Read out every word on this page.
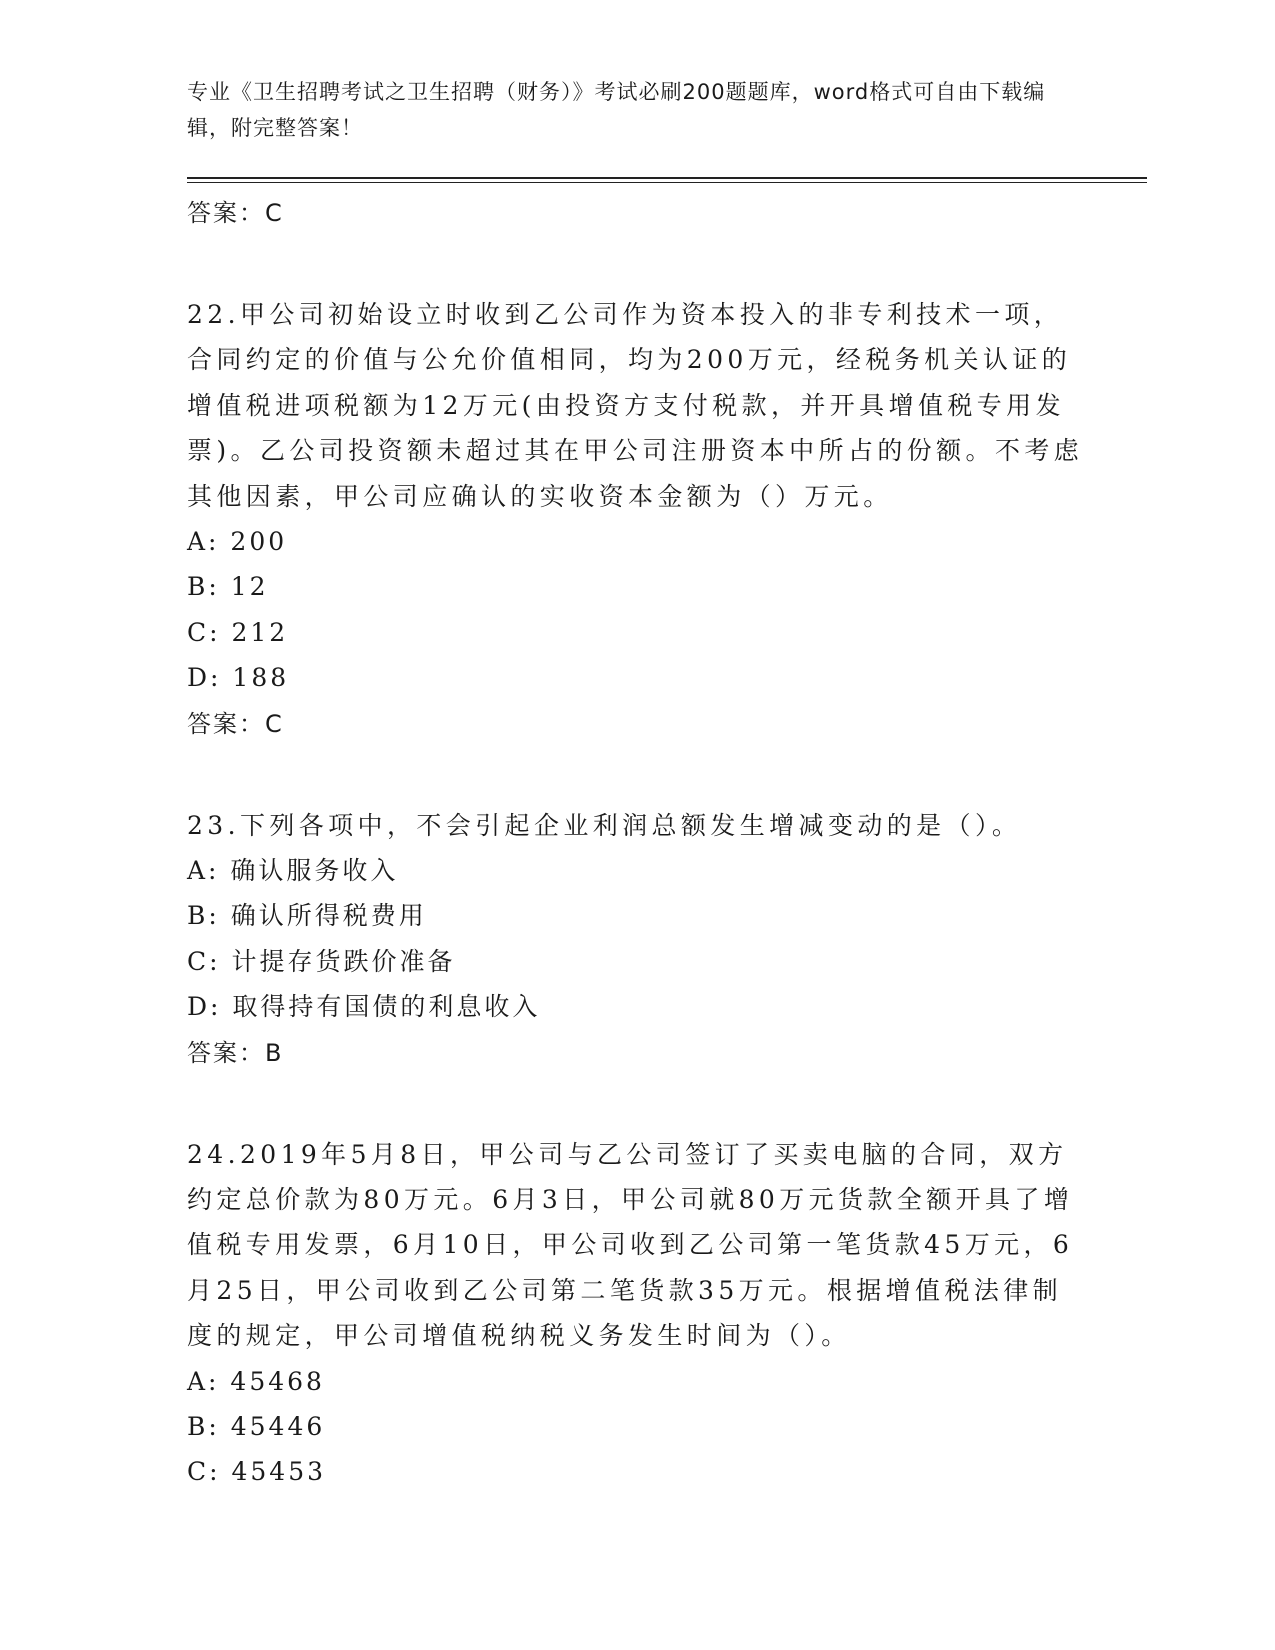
专业《卫生招聘考试之卫生招聘（财务）》考试必刷200题题库，word格式可自由下载编辑，附完整答案！
答案：C
22.甲公司初始设立时收到乙公司作为资本投入的非专利技术一项，合同约定的价值与公允价值相同，均为200万元，经税务机关认证的增值税进项税额为12万元(由投资方支付税款，并开具增值税专用发票)。乙公司投资额未超过其在甲公司注册资本中所占的份额。不考虑其他因素，甲公司应确认的实收资本金额为（）万元。
A: 200
B: 12
C: 212
D: 188
答案：C
23.下列各项中，不会引起企业利润总额发生增减变动的是（）。
A: 确认服务收入
B: 确认所得税费用
C: 计提存货跌价准备
D: 取得持有国债的利息收入
答案：B
24.2019年5月8日，甲公司与乙公司签订了买卖电脑的合同，双方约定总价款为80万元。6月3日，甲公司就80万元货款全额开具了增值税专用发票，6月10日，甲公司收到乙公司第一笔货款45万元，6月25日，甲公司收到乙公司第二笔货款35万元。根据增值税法律制度的规定，甲公司增值税纳税义务发生时间为（）。
A: 45468
B: 45446
C: 45453
